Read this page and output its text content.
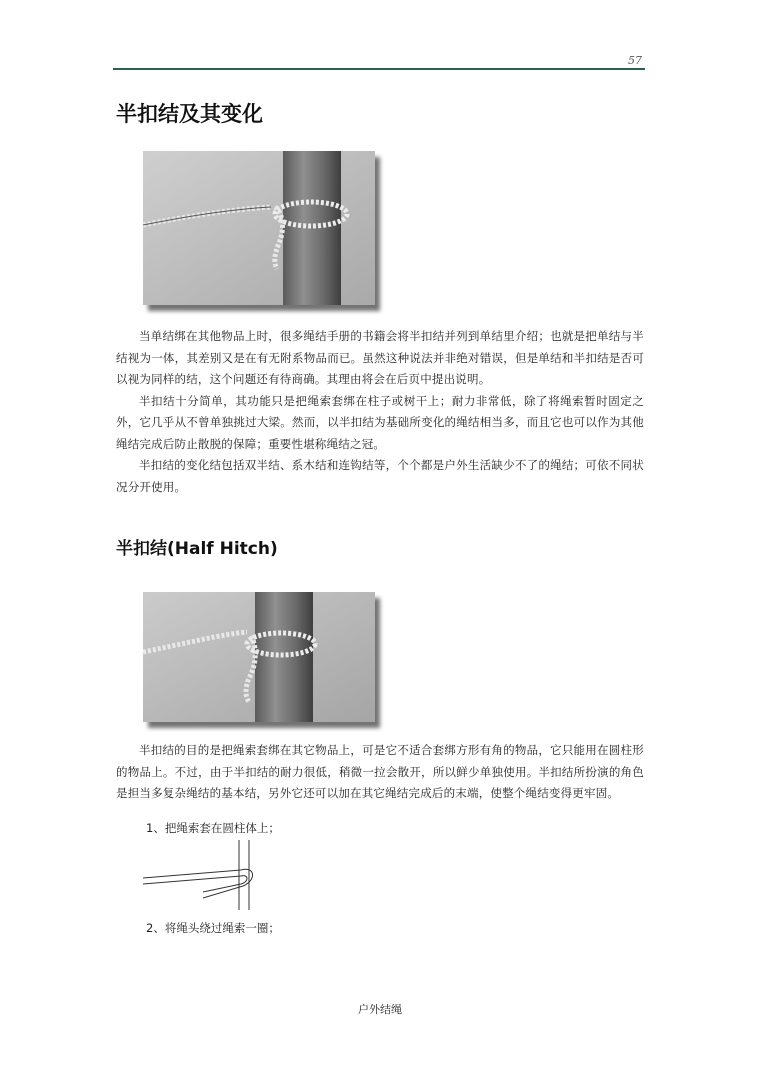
57
半扣结及其变化

当单结绑在其他物品上时，很多绳结手册的书籍会将半扣结并列到单结里介绍；也就是把单结与半结视为一体，其差别又是在有无附系物品而已。虽然这种说法并非绝对错误，但是单结和半扣结是否可以视为同样的结，这个问题还有待商确。其理由将会在后页中提出说明。

半扣结十分简单，其功能只是把绳索套绑在柱子或树干上；耐力非常低，除了将绳索暂时固定之外，它几乎从不曾单独挑过大梁。然而，以半扣结为基础所变化的绳结相当多，而且它也可以作为其他绳结完成后防止散脱的保障；重要性堪称绳结之冠。

半扣结的变化结包括双半结、系木结和连钩结等，个个都是户外生活缺少不了的绳结；可依不同状况分开使用。

半扣结(Half Hitch)

半扣结的目的是把绳索套绑在其它物品上，可是它不适合套绑方形有角的物品，它只能用在圆柱形的物品上。不过，由于半扣结的耐力很低，稍微一拉会散开，所以鲜少单独使用。半扣结所扮演的角色是担当多复杂绳结的基本结，另外它还可以加在其它绳结完成后的末端，使整个绳结变得更牢固。

1、把绳索套在圆柱体上；
2、将绳头绕过绳索一圈；
户外结绳
